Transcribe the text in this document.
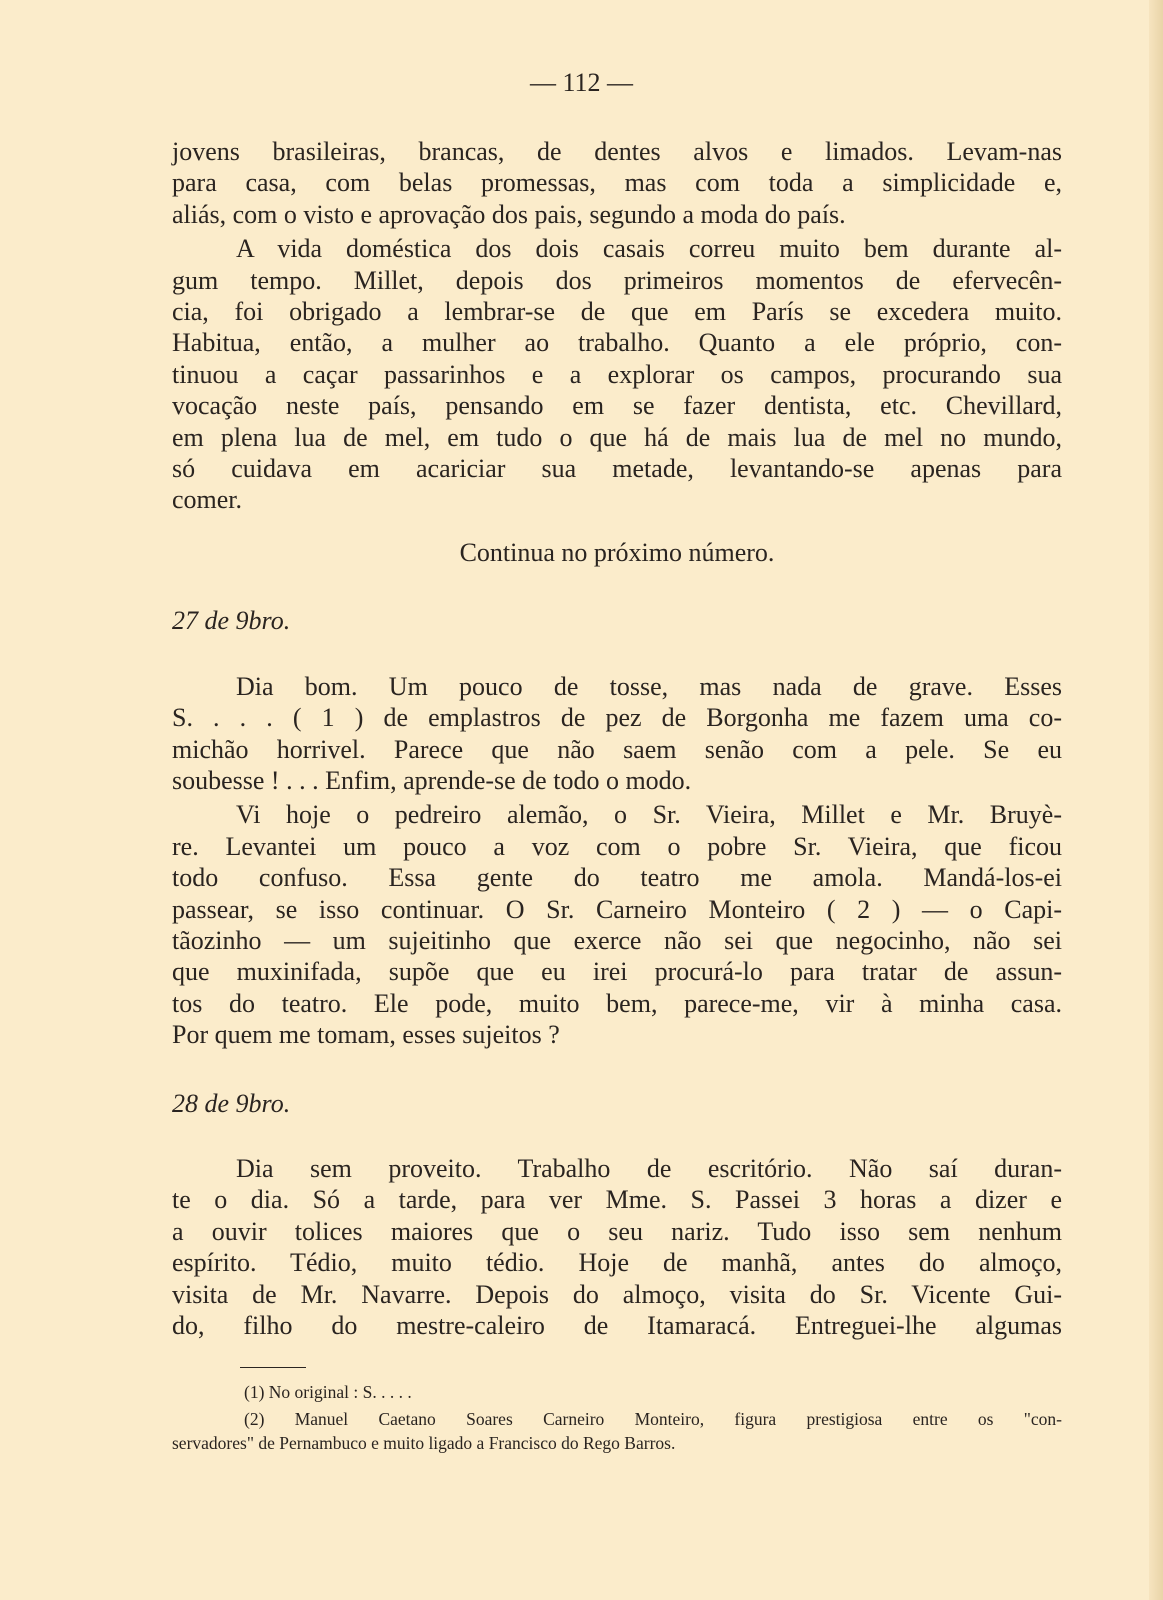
— 112 —
jovens brasileiras, brancas, de dentes alvos e limados. Levam-nas
para casa, com belas promessas, mas com toda a simplicidade e,
aliás, com o visto e aprovação dos pais, segundo a moda do país.
A vida doméstica dos dois casais correu muito bem durante al-
gum tempo. Millet, depois dos primeiros momentos de efervecên-
cia, foi obrigado a lembrar-se de que em París se excedera muito.
Habitua, então, a mulher ao trabalho. Quanto a ele próprio, con-
tinuou a caçar passarinhos e a explorar os campos, procurando sua
vocação neste país, pensando em se fazer dentista, etc. Chevillard,
em plena lua de mel, em tudo o que há de mais lua de mel no mundo,
só cuidava em acariciar sua metade, levantando-se apenas para
comer.
Continua no próximo número.
27 de 9bro.
Dia bom. Um pouco de tosse, mas nada de grave. Esses
S. . . . ( 1 ) de emplastros de pez de Borgonha me fazem uma co-
michão horrivel. Parece que não saem senão com a pele. Se eu
soubesse ! . . . Enfim, aprende-se de todo o modo.
Vi hoje o pedreiro alemão, o Sr. Vieira, Millet e Mr. Bruyè-
re. Levantei um pouco a voz com o pobre Sr. Vieira, que ficou
todo confuso. Essa gente do teatro me amola. Mandá-los-ei
passear, se isso continuar. O Sr. Carneiro Monteiro ( 2 ) — o Capi-
tãozinho — um sujeitinho que exerce não sei que negocinho, não sei
que muxinifada, supõe que eu irei procurá-lo para tratar de assun-
tos do teatro. Ele pode, muito bem, parece-me, vir à minha casa.
Por quem me tomam, esses sujeitos ?
28 de 9bro.
Dia sem proveito. Trabalho de escritório. Não saí duran-
te o dia. Só a tarde, para ver Mme. S. Passei 3 horas a dizer e
a ouvir tolices maiores que o seu nariz. Tudo isso sem nenhum
espírito. Tédio, muito tédio. Hoje de manhã, antes do almoço,
visita de Mr. Navarre. Depois do almoço, visita do Sr. Vicente Gui-
do, filho do mestre-caleiro de Itamaracá. Entreguei-lhe algumas
(1) No original : S. . . . .
(2) Manuel Caetano Soares Carneiro Monteiro, figura prestigiosa entre os "con-
servadores" de Pernambuco e muito ligado a Francisco do Rego Barros.
